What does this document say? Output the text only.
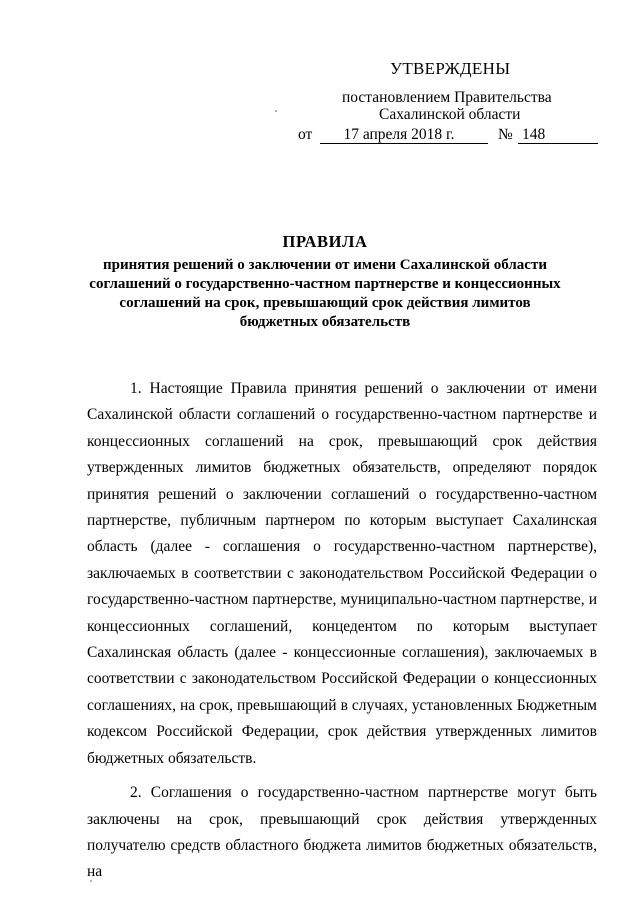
УТВЕРЖДЕНЫ
постановлением Правительства
Сахалинской области
от	17 апреля 2018 г.	№ 148
ПРАВИЛА
принятия решений о заключении от имени Сахалинской области соглашений о государственно-частном партнерстве и концессионных соглашений на срок, превышающий срок действия лимитов бюджетных обязательств

1. Настоящие Правила принятия решений о заключении от имени Сахалинской области соглашений о государственно-частном партнерстве и концессионных соглашений на срок, превышающий срок действия утвержденных лимитов бюджетных обязательств, определяют порядок принятия решений о заключении соглашений о государственно-частном партнерстве, публичным партнером по которым выступает Сахалинская область (далее - соглашения о государственно-частном партнерстве), заключаемых в соответствии с законодательством Российской Федерации о государственно-частном партнерстве, муниципально-частном партнерстве, и концессионных соглашений, концедентом по которым выступает Сахалинская область (далее - концессионные соглашения), заключаемых в соответствии с законодательством Российской Федерации о концессионных соглашениях, на срок, превышающий в случаях, установленных Бюджетным кодексом Российской Федерации, срок действия утвержденных лимитов бюджетных обязательств.

2. Соглашения о государственно-частном партнерстве могут быть заключены на срок, превышающий срок действия утвержденных получателю средств областного бюджета лимитов бюджетных обязательств, на
